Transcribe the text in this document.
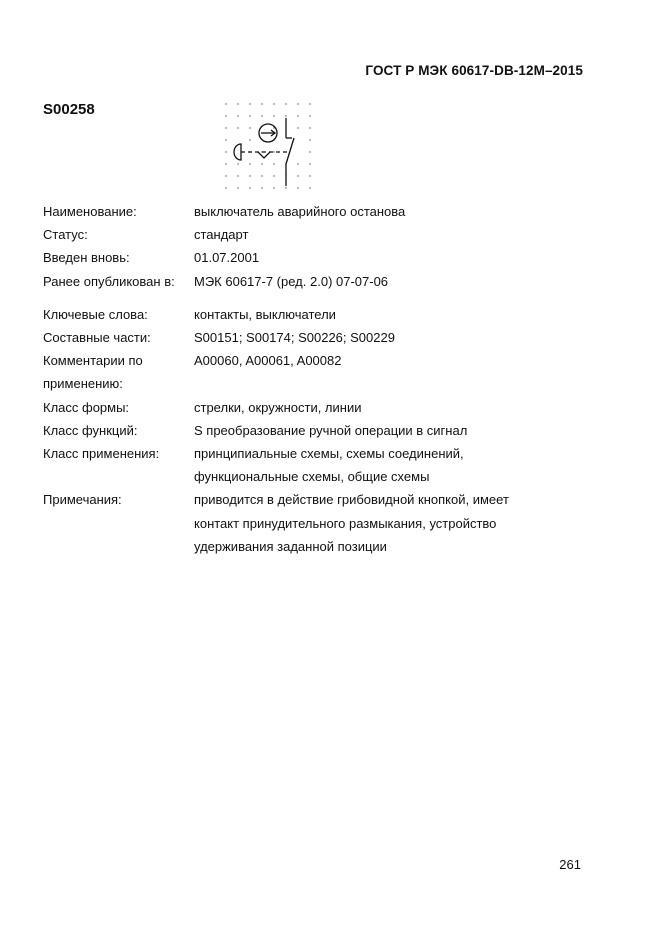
ГОСТ Р МЭК 60617-DB-12M–2015
S00258
Наименование:	выключатель аварийного останова
Статус:	стандарт
Введен вновь:	01.07.2001
Ранее опубликован в:	МЭК 60617-7 (ред. 2.0) 07-07-06
Ключевые слова:	контакты, выключатели
Составные части:	S00151; S00174; S00226; S00229
Комментарии по
применению:
A00060, A00061, A00082
Класс формы:	стрелки, окружности, линии
Класс функций:	S преобразование ручной операции в сигнал
Класс применения:	принципиальные схемы, схемы соединений,
функциональные схемы, общие схемы
Примечания:	приводится в действие грибовидной кнопкой, имеет
контакт принудительного размыкания, устройство
удерживания заданной позиции
261
